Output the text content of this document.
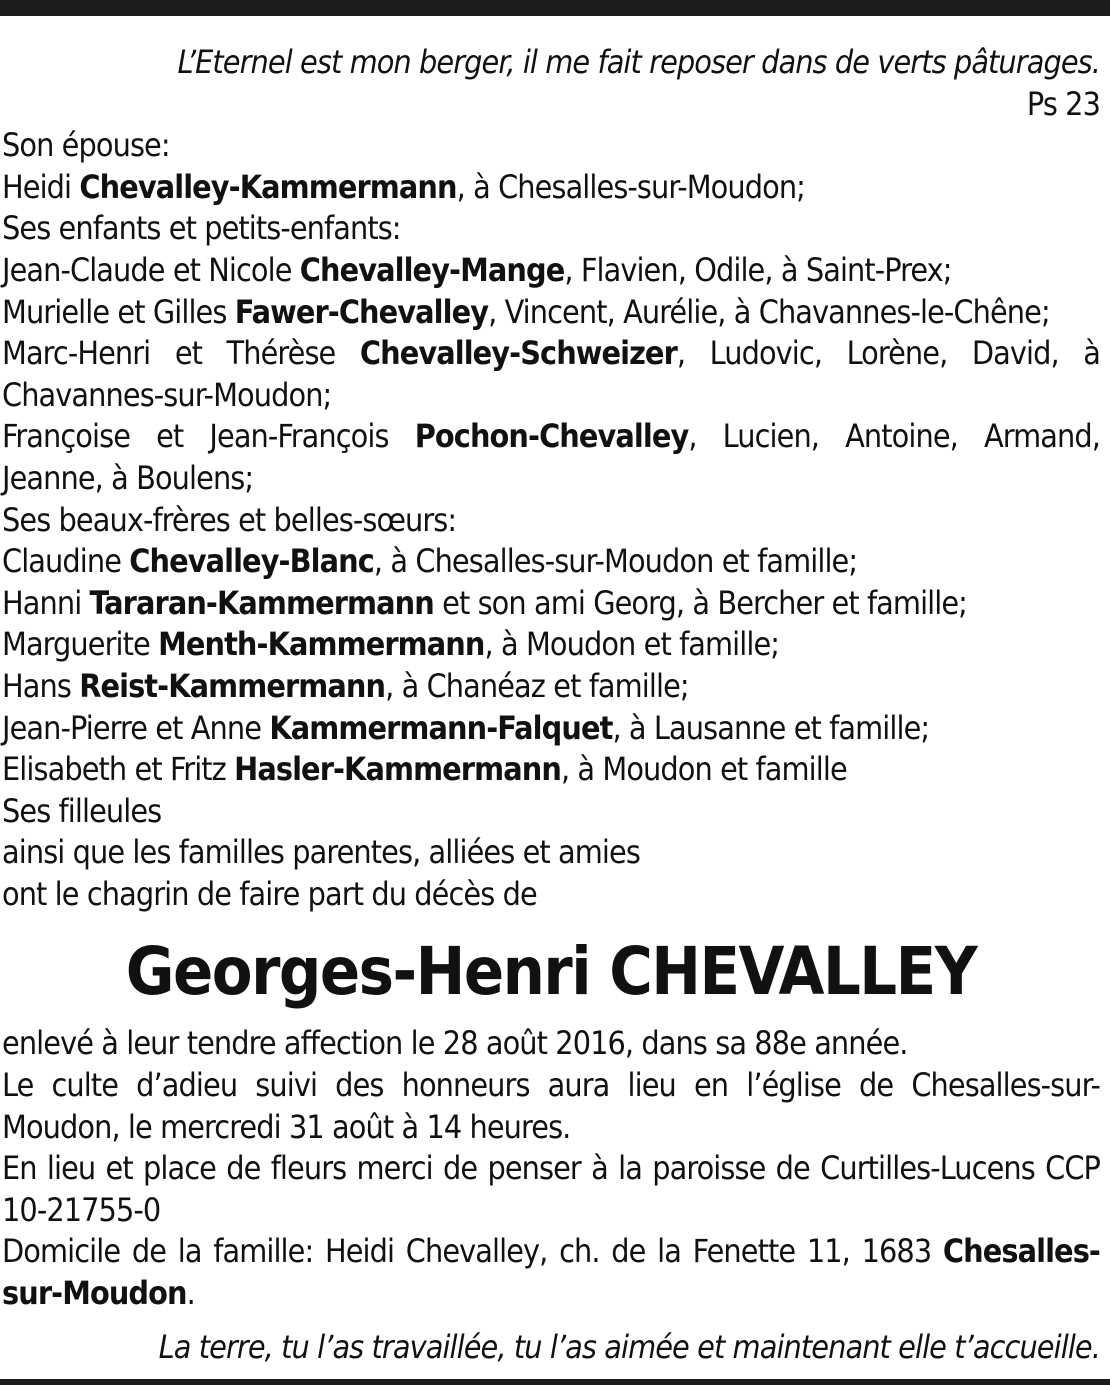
L’Eternel est mon berger, il me fait reposer dans de verts pâturages.
Ps 23
Son épouse:
Heidi Chevalley-Kammermann, à Chesalles-sur-Moudon;
Ses enfants et petits-enfants:
Jean-Claude et Nicole Chevalley-Mange, Flavien, Odile, à Saint-Prex;
Murielle et Gilles Fawer-Chevalley, Vincent, Aurélie, à Chavannes-le-Chêne;
Marc-Henri et Thérèse Chevalley-Schweizer, Ludovic, Lorène, David, à Chavannes-sur-Moudon;
Françoise et Jean-François Pochon-Chevalley, Lucien, Antoine, Armand, Jeanne, à Boulens;
Ses beaux-frères et belles-sœurs:
Claudine Chevalley-Blanc, à Chesalles-sur-Moudon et famille;
Hanni Tararan-Kammermann et son ami Georg, à Bercher et famille;
Marguerite Menth-Kammermann, à Moudon et famille;
Hans Reist-Kammermann, à Chanéaz et famille;
Jean-Pierre et Anne Kammermann-Falquet, à Lausanne et famille;
Elisabeth et Fritz Hasler-Kammermann, à Moudon et famille
Ses filleules
ainsi que les familles parentes, alliées et amies
ont le chagrin de faire part du décès de
Georges-Henri CHEVALLEY
enlevé à leur tendre affection le 28 août 2016, dans sa 88e année.
Le culte d’adieu suivi des honneurs aura lieu en l’église de Chesalles-sur-Moudon, le mercredi 31 août à 14 heures.
En lieu et place de fleurs merci de penser à la paroisse de Curtilles-Lucens CCP 10-21755-0
Domicile de la famille: Heidi Chevalley, ch. de la Fenette 11, 1683 Chesalles-sur-Moudon.
La terre, tu l’as travaillée, tu l’as aimée et maintenant elle t’accueille.
